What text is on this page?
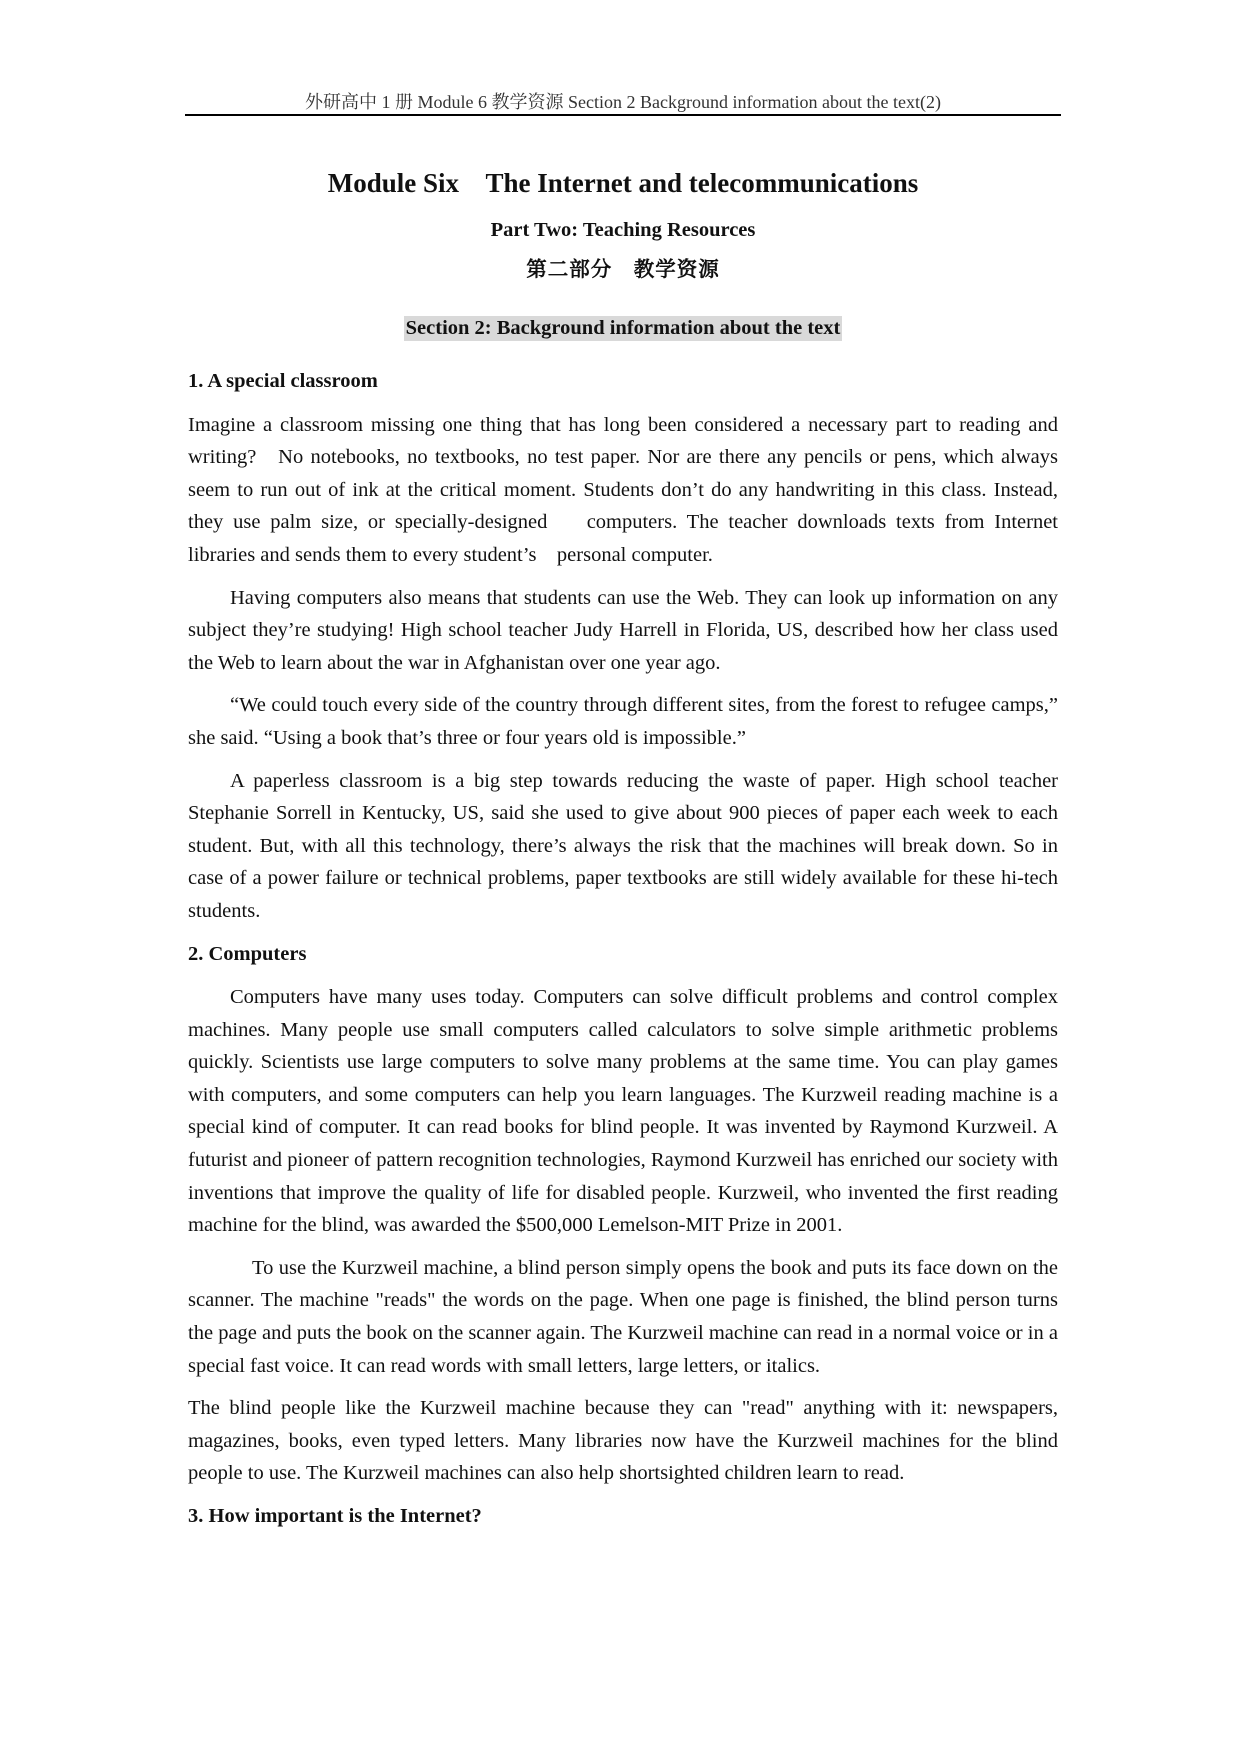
外研高中 1 册 Module 6 教学资源 Section 2 Background information about the text(2)
Module Six    The Internet and telecommunications
Part Two: Teaching Resources
第二部分　教学资源
Section 2: Background information about the text
1. A special classroom

Imagine a classroom missing one thing that has long been considered a necessary part to reading and writing?   No notebooks, no textbooks, no test paper. Nor are there any pencils or pens, which always seem to run out of ink at the critical moment. Students don’t do any handwriting in this class. Instead, they use palm size, or specially-designed    computers. The teacher downloads texts from Internet libraries and sends them to every student’s    personal computer.

Having computers also means that students can use the Web. They can look up information on any subject they’re studying! High school teacher Judy Harrell in Florida, US, described how her class used the Web to learn about the war in Afghanistan over one year ago.

“We could touch every side of the country through different sites, from the forest to refugee camps,” she said. “Using a book that’s three or four years old is impossible.”

A paperless classroom is a big step towards reducing the waste of paper. High school teacher Stephanie Sorrell in Kentucky, US, said she used to give about 900 pieces of paper each week to each student. But, with all this technology, there’s always the risk that the machines will break down. So in case of a power failure or technical problems, paper textbooks are still widely available for these hi-tech students.

2. Computers

Computers have many uses today. Computers can solve difficult problems and control complex machines. Many people use small computers called calculators to solve simple arithmetic problems quickly. Scientists use large computers to solve many problems at the same time. You can play games with computers, and some computers can help you learn languages. The Kurzweil reading machine is a special kind of computer. It can read books for blind people. It was invented by Raymond Kurzweil. A futurist and pioneer of pattern recognition technologies, Raymond Kurzweil has enriched our society with inventions that improve the quality of life for disabled people. Kurzweil, who invented the first reading machine for the blind, was awarded the $500,000 Lemelson-MIT Prize in 2001.

To use the Kurzweil machine, a blind person simply opens the book and puts its face down on the scanner. The machine "reads" the words on the page. When one page is finished, the blind person turns the page and puts the book on the scanner again. The Kurzweil machine can read in a normal voice or in a special fast voice. It can read words with small letters, large letters, or italics.

The blind people like the Kurzweil machine because they can "read" anything with it: newspapers, magazines, books, even typed letters. Many libraries now have the Kurzweil machines for the blind people to use. The Kurzweil machines can also help shortsighted children learn to read.

3. How important is the Internet?
